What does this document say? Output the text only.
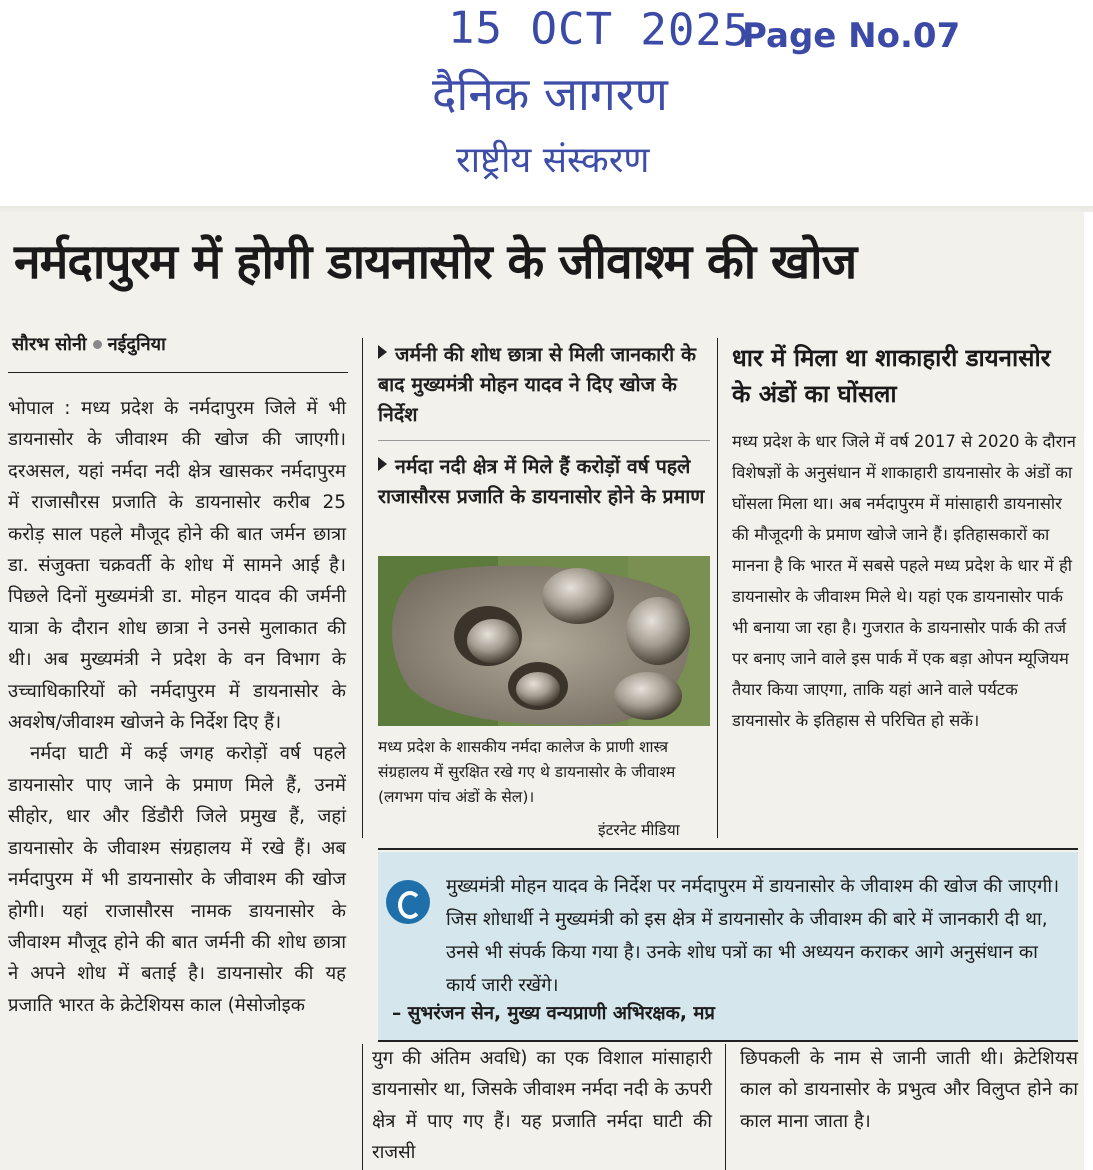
15 OCT 2025
Page No.07
दैनिक जागरण
राष्ट्रीय संस्करण
नर्मदापुरम में होगी डायनासोर के जीवाश्म की खोज
सौरभ सोनी नईदुनिया

भोपाल : मध्य प्रदेश के नर्मदापुरम जिले में भी डायनासोर के जीवाश्म की खोज की जाएगी। दरअसल, यहां नर्मदा नदी क्षेत्र खासकर नर्मदापुरम में राजासौरस प्रजाति के डायनासोर करीब 25 करोड़ साल पहले मौजूद होने की बात जर्मन छात्रा डा. संजुक्ता चक्रवर्ती के शोध में सामने आई है। पिछले दिनों मुख्यमंत्री डा. मोहन यादव की जर्मनी यात्रा के दौरान शोध छात्रा ने उनसे मुलाकात की थी। अब मुख्यमंत्री ने प्रदेश के वन विभाग के उच्चाधिकारियों को नर्मदापुरम में डायनासोर के अवशेष/जीवाश्म खोजने के निर्देश दिए हैं।

नर्मदा घाटी में कई जगह करोड़ों वर्ष पहले डायनासोर पाए जाने के प्रमाण मिले हैं, उनमें सीहोर, धार और डिंडौरी जिले प्रमुख हैं, जहां डायनासोर के जीवाश्म संग्रहालय में रखे हैं। अब नर्मदापुरम में भी डायनासोर के जीवाश्म की खोज होगी। यहां राजासौरस नामक डायनासोर के जीवाश्म मौजूद होने की बात जर्मनी की शोध छात्रा ने अपने शोध में बताई है। डायनासोर की यह प्रजाति भारत के क्रेटेशियस काल (मेसोजोइक

जर्मनी की शोध छात्रा से मिली जानकारी के बाद मुख्यमंत्री मोहन यादव ने दिए खोज के निर्देश
नर्मदा नदी क्षेत्र में मिले हैं करोड़ों वर्ष पहले राजासौरस प्रजाति के डायनासोर होने के प्रमाण
मध्य प्रदेश के शासकीय नर्मदा कालेज के प्राणी शास्त्र संग्रहालय में सुरक्षित रखे गए थे डायनासोर के जीवाश्म (लगभग पांच अंडों के सेल)।
इंटरनेट मीडिया
धार में मिला था शाकाहारी डायनासोर के अंडों का घोंसला
मध्य प्रदेश के धार जिले में वर्ष 2017 से 2020 के दौरान विशेषज्ञों के अनुसंधान में शाकाहारी डायनासोर के अंडों का घोंसला मिला था। अब नर्मदापुरम में मांसाहारी डायनासोर की मौजूदगी के प्रमाण खोजे जाने हैं। इतिहासकारों का मानना है कि भारत में सबसे पहले मध्य प्रदेश के धार में ही डायनासोर के जीवाश्म मिले थे। यहां एक डायनासोर पार्क भी बनाया जा रहा है। गुजरात के डायनासोर पार्क की तर्ज पर बनाए जाने वाले इस पार्क में एक बड़ा ओपन म्यूजियम तैयार किया जाएगा, ताकि यहां आने वाले पर्यटक डायनासोर के इतिहास से परिचित हो सकें।
मुख्यमंत्री मोहन यादव के निर्देश पर नर्मदापुरम में डायनासोर के जीवाश्म की खोज की जाएगी। जिस शोधार्थी ने मुख्यमंत्री को इस क्षेत्र में डायनासोर के जीवाश्म की बारे में जानकारी दी था, उनसे भी संपर्क किया गया है। उनके शोध पत्रों का भी अध्ययन कराकर आगे अनुसंधान का कार्य जारी रखेंगे।
– सुभरंजन सेन, मुख्य वन्यप्राणी अभिरक्षक, मप्र
युग की अंतिम अवधि) का एक विशाल मांसाहारी डायनासोर था, जिसके जीवाश्म नर्मदा नदी के ऊपरी क्षेत्र में पाए गए हैं। यह प्रजाति नर्मदा घाटी की राजसी
छिपकली के नाम से जानी जाती थी। क्रेटेशियस काल को डायनासोर के प्रभुत्व और विलुप्त होने का काल माना जाता है।
